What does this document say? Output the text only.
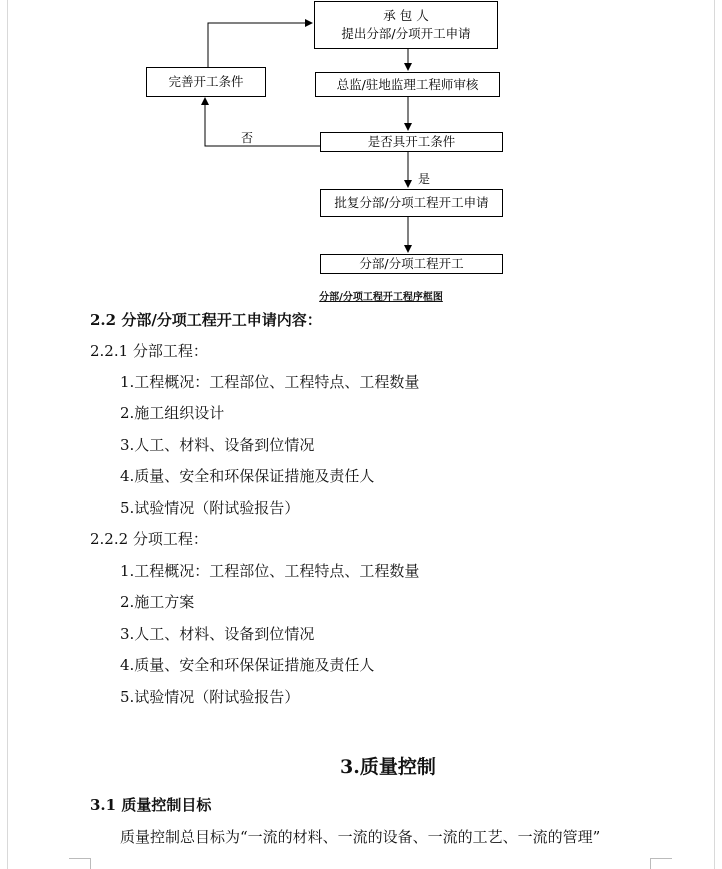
承 包 人
提出分部/分项开工申请
总监/驻地监理工程师审核
完善开工条件
是否具开工条件
批复分部/分项工程开工申请
分部/分项工程开工
否
是
分部/分项工程开工程序框图
2.2 分部/分项工程开工申请内容：
2.2.1 分部工程：
1.工程概况：工程部位、工程特点、工程数量
2.施工组织设计
3.人工、材料、设备到位情况
4.质量、安全和环保保证措施及责任人
5.试验情况（附试验报告）
2.2.2 分项工程：
1.工程概况：工程部位、工程特点、工程数量
2.施工方案
3.人工、材料、设备到位情况
4.质量、安全和环保保证措施及责任人
5.试验情况（附试验报告）
3.质量控制
3.1 质量控制目标
质量控制总目标为“一流的材料、一流的设备、一流的工艺、一流的管理”
